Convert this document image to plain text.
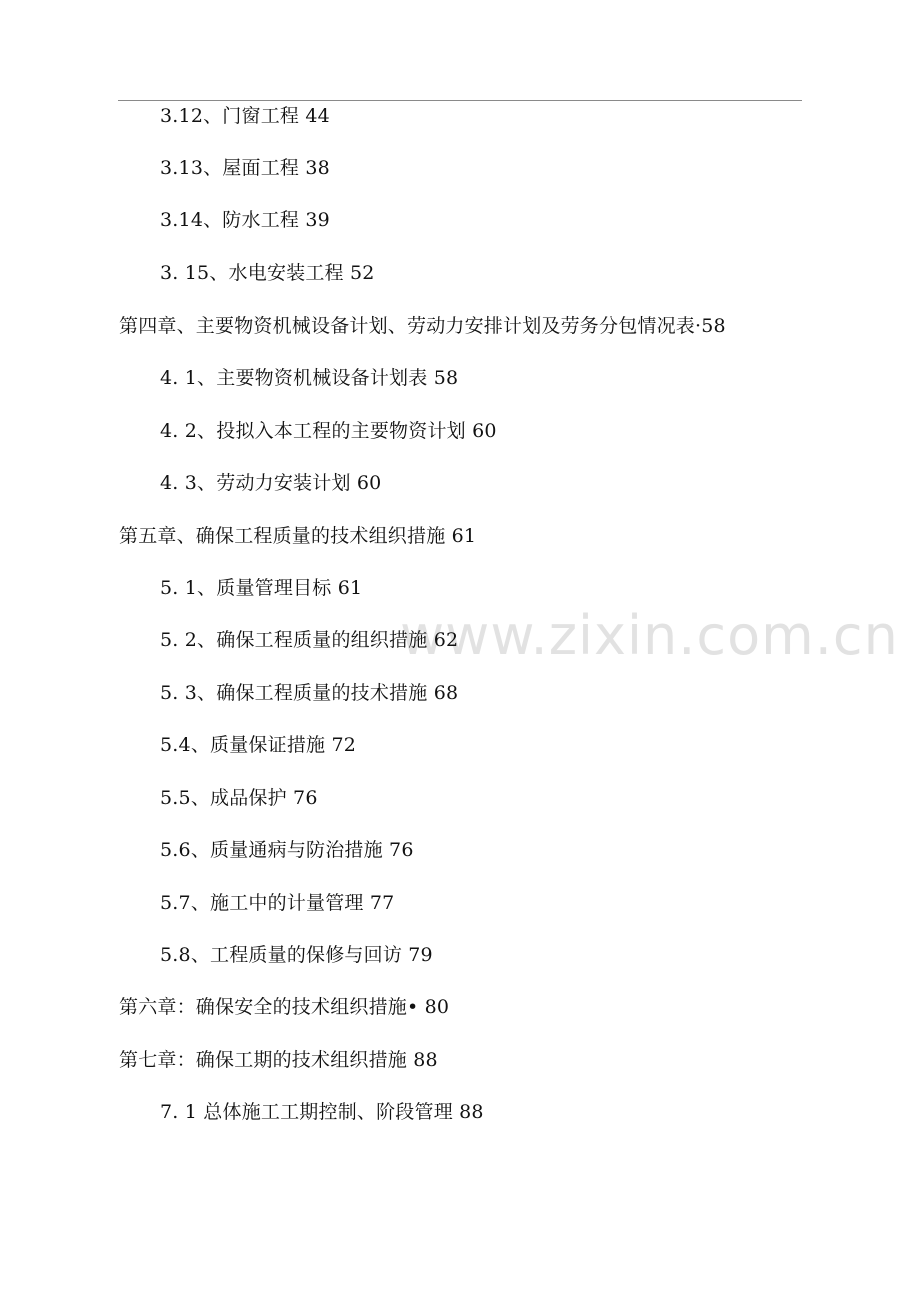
www.zixin.com.cn
3.12、门窗工程 44
3.13、屋面工程 38
3.14、防水工程 39
3. 15、水电安装工程 52
第四章、主要物资机械设备计划、劳动力安排计划及劳务分包情况表·58
4. 1、主要物资机械设备计划表 58
4. 2、投拟入本工程的主要物资计划 60
4. 3、劳动力安装计划 60
第五章、确保工程质量的技术组织措施 61
5. 1、质量管理目标 61
5. 2、确保工程质量的组织措施 62
5. 3、确保工程质量的技术措施 68
5.4、质量保证措施 72
5.5、成品保护 76
5.6、质量通病与防治措施 76
5.7、施工中的计量管理 77
5.8、工程质量的保修与回访 79
第六章：确保安全的技术组织措施• 80
第七章：确保工期的技术组织措施 88
7. 1 总体施工工期控制、阶段管理 88
